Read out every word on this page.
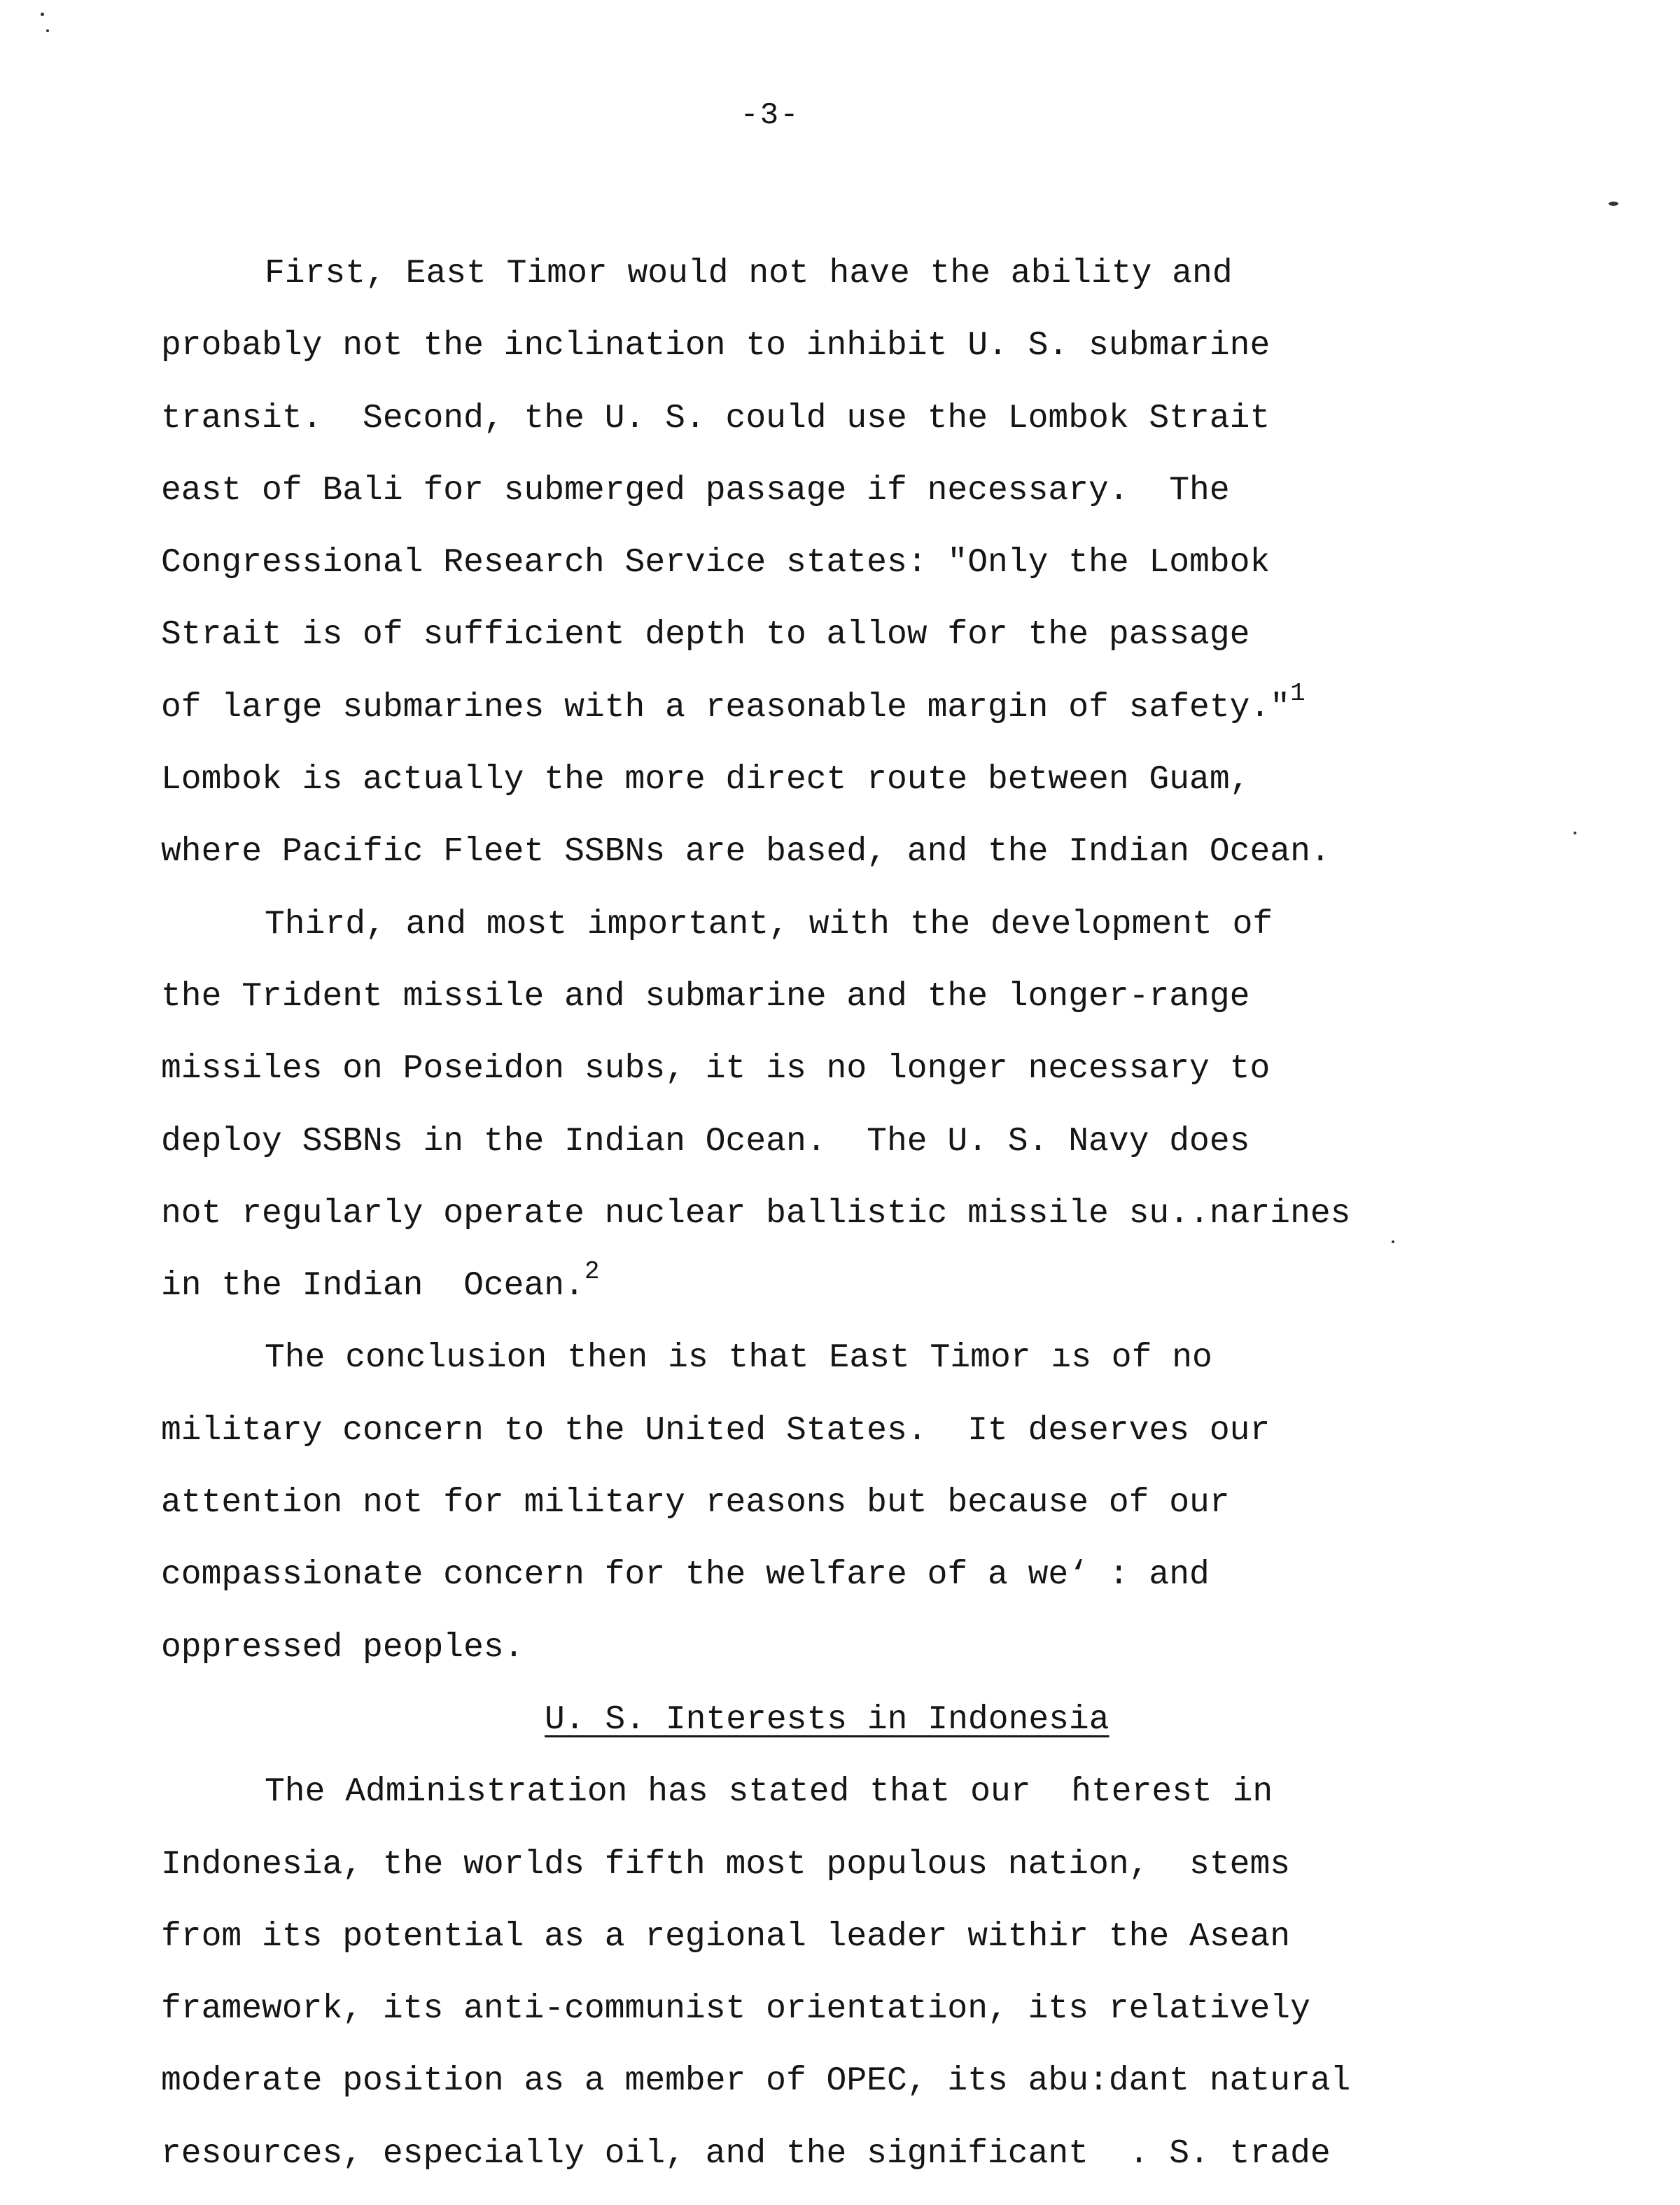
-3-
First, East Timor would not have the ability and
probably not the inclination to inhibit U. S. submarine
transit.  Second, the U. S. could use the Lombok Strait
east of Bali for submerged passage if necessary.  The
Congressional Research Service states: "Only the Lombok
Strait is of sufficient depth to allow for the passage
of large submarines with a reasonable margin of safety."$^1$
Lombok is actually the more direct route between Guam,
where Pacific Fleet SSBNs are based, and the Indian Ocean.
Third, and most important, with the development of
the Trident missile and submarine and the longer-range
missiles on Poseidon subs, it is no longer necessary to
deploy SSBNs in the Indian Ocean.  The U. S. Navy does
not regularly operate nuclear ballistic missile su..narines
in the Indian  Ocean.$^2$
The conclusion then is that East Timor ıs of no
military concern to the United States.  It deserves our
attention not for military reasons but because of our
compassionate concern for the welfare of a we‘ : and
oppressed peoples.
U. S. Interests in Indonesia
The Administration has stated that our  ɦterest in
Indonesia, the worlds fifth most populous nation,  stems
from its potential as a regional leader withir the Asean
framework, its anti-communist orientation, its relatively
moderate position as a member of OPEC, its abu:dant natural
resources, especially oil, and the significant  . S. trade
